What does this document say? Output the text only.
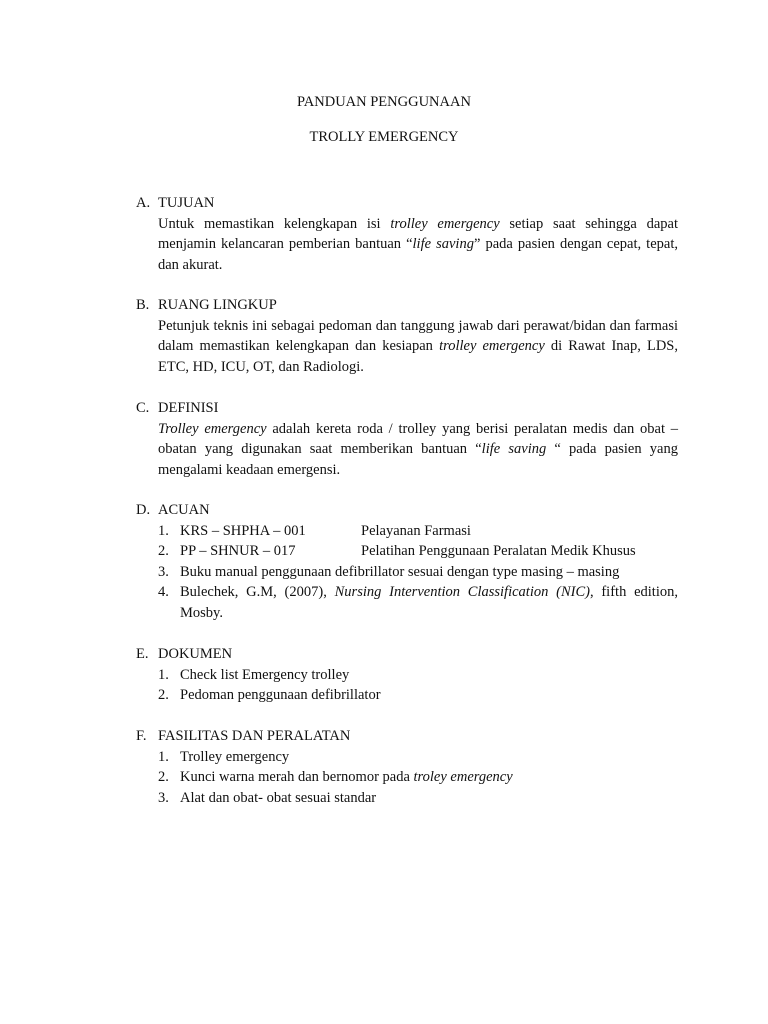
PANDUAN PENGGUNAAN
TROLLY EMERGENCY
A. TUJUAN

Untuk memastikan kelengkapan isi trolley emergency setiap saat sehingga dapat menjamin kelancaran pemberian bantuan “life saving” pada pasien dengan cepat, tepat, dan akurat.

B. RUANG LINGKUP

Petunjuk teknis ini sebagai pedoman dan tanggung jawab dari perawat/bidan dan farmasi dalam memastikan kelengkapan dan kesiapan trolley emergency di Rawat Inap, LDS, ETC, HD, ICU, OT, dan Radiologi.

C. DEFINISI

Trolley emergency adalah kereta roda / trolley yang berisi peralatan medis dan obat – obatan yang digunakan saat memberikan bantuan “life saving “ pada pasien yang mengalami keadaan emergensi.

D. ACUAN
1. KRS – SHPHA – 001	Pelayanan Farmasi
2. PP – SHNUR – 017	Pelatihan Penggunaan Peralatan Medik Khusus
3. Buku manual penggunaan defibrillator sesuai dengan type masing – masing
4. Bulechek, G.M, (2007), Nursing Intervention Classification (NIC), fifth edition, Mosby.
E. DOKUMEN
1. Check list Emergency trolley
2. Pedoman penggunaan defibrillator
F. FASILITAS DAN PERALATAN
1. Trolley emergency
2. Kunci warna merah dan bernomor pada troley emergency
3. Alat dan obat- obat sesuai standar
